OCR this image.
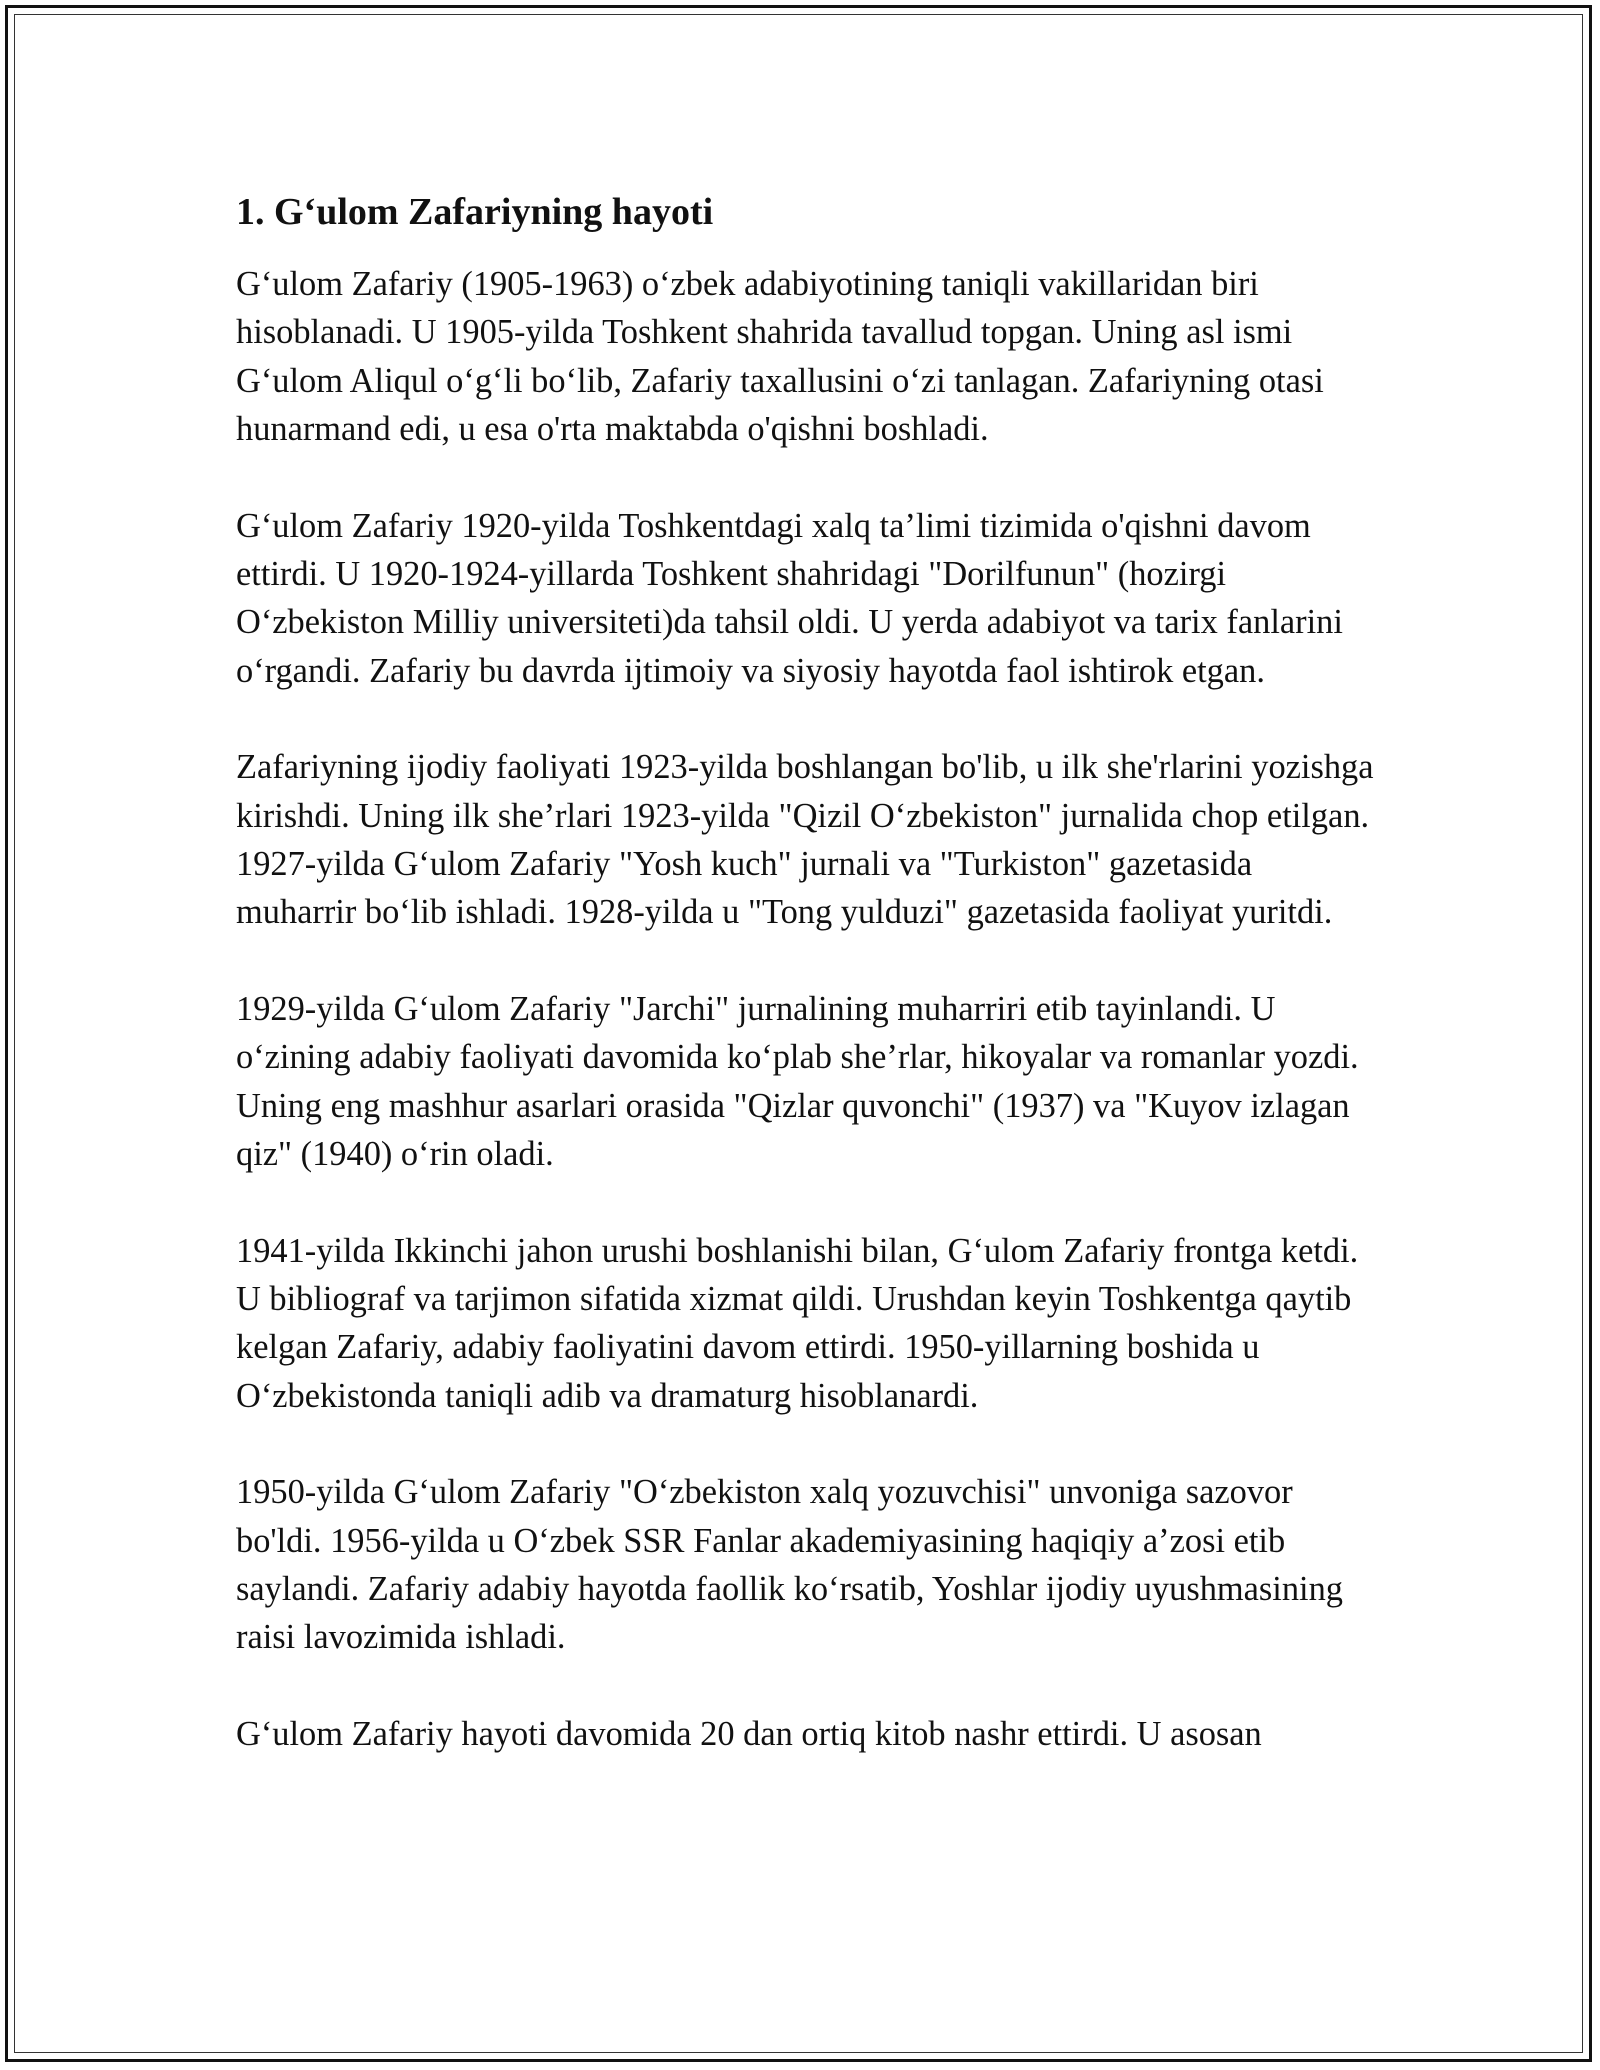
1. G‘ulom Zafariyning hayoti

G‘ulom Zafariy (1905-1963) o‘zbek adabiyotining taniqli vakillaridan biri hisoblanadi. U 1905-yilda Toshkent shahrida tavallud topgan. Uning asl ismi G‘ulom Aliqul o‘g‘li bo‘lib, Zafariy taxallusini o‘zi tanlagan. Zafariyning otasi hunarmand edi, u esa o'rta maktabda o'qishni boshladi.

G‘ulom Zafariy 1920-yilda Toshkentdagi xalq ta’limi tizimida o'qishni davom ettirdi. U 1920-1924-yillarda Toshkent shahridagi "Dorilfunun" (hozirgi O‘zbekiston Milliy universiteti)da tahsil oldi. U yerda adabiyot va tarix fanlarini o‘rgandi. Zafariy bu davrda ijtimoiy va siyosiy hayotda faol ishtirok etgan.

Zafariyning ijodiy faoliyati 1923-yilda boshlangan bo'lib, u ilk she'rlarini yozishga kirishdi. Uning ilk she’rlari 1923-yilda "Qizil O‘zbekiston" jurnalida chop etilgan. 1927-yilda G‘ulom Zafariy "Yosh kuch" jurnali va "Turkiston" gazetasida muharrir bo‘lib ishladi. 1928-yilda u "Tong yulduzi" gazetasida faoliyat yuritdi.

1929-yilda G‘ulom Zafariy "Jarchi" jurnalining muharriri etib tayinlandi. U o‘zining adabiy faoliyati davomida ko‘plab she’rlar, hikoyalar va romanlar yozdi. Uning eng mashhur asarlari orasida "Qizlar quvonchi" (1937) va "Kuyov izlagan qiz" (1940) o‘rin oladi.

1941-yilda Ikkinchi jahon urushi boshlanishi bilan, G‘ulom Zafariy frontga ketdi. U bibliograf va tarjimon sifatida xizmat qildi. Urushdan keyin Toshkentga qaytib kelgan Zafariy, adabiy faoliyatini davom ettirdi. 1950-yillarning boshida u O‘zbekistonda taniqli adib va dramaturg hisoblanardi.

1950-yilda G‘ulom Zafariy "O‘zbekiston xalq yozuvchisi" unvoniga sazovor bo'ldi. 1956-yilda u O‘zbek SSR Fanlar akademiyasining haqiqiy a’zosi etib saylandi. Zafariy adabiy hayotda faollik ko‘rsatib, Yoshlar ijodiy uyushmasining raisi lavozimida ishladi.

G‘ulom Zafariy hayoti davomida 20 dan ortiq kitob nashr ettirdi. U asosan
